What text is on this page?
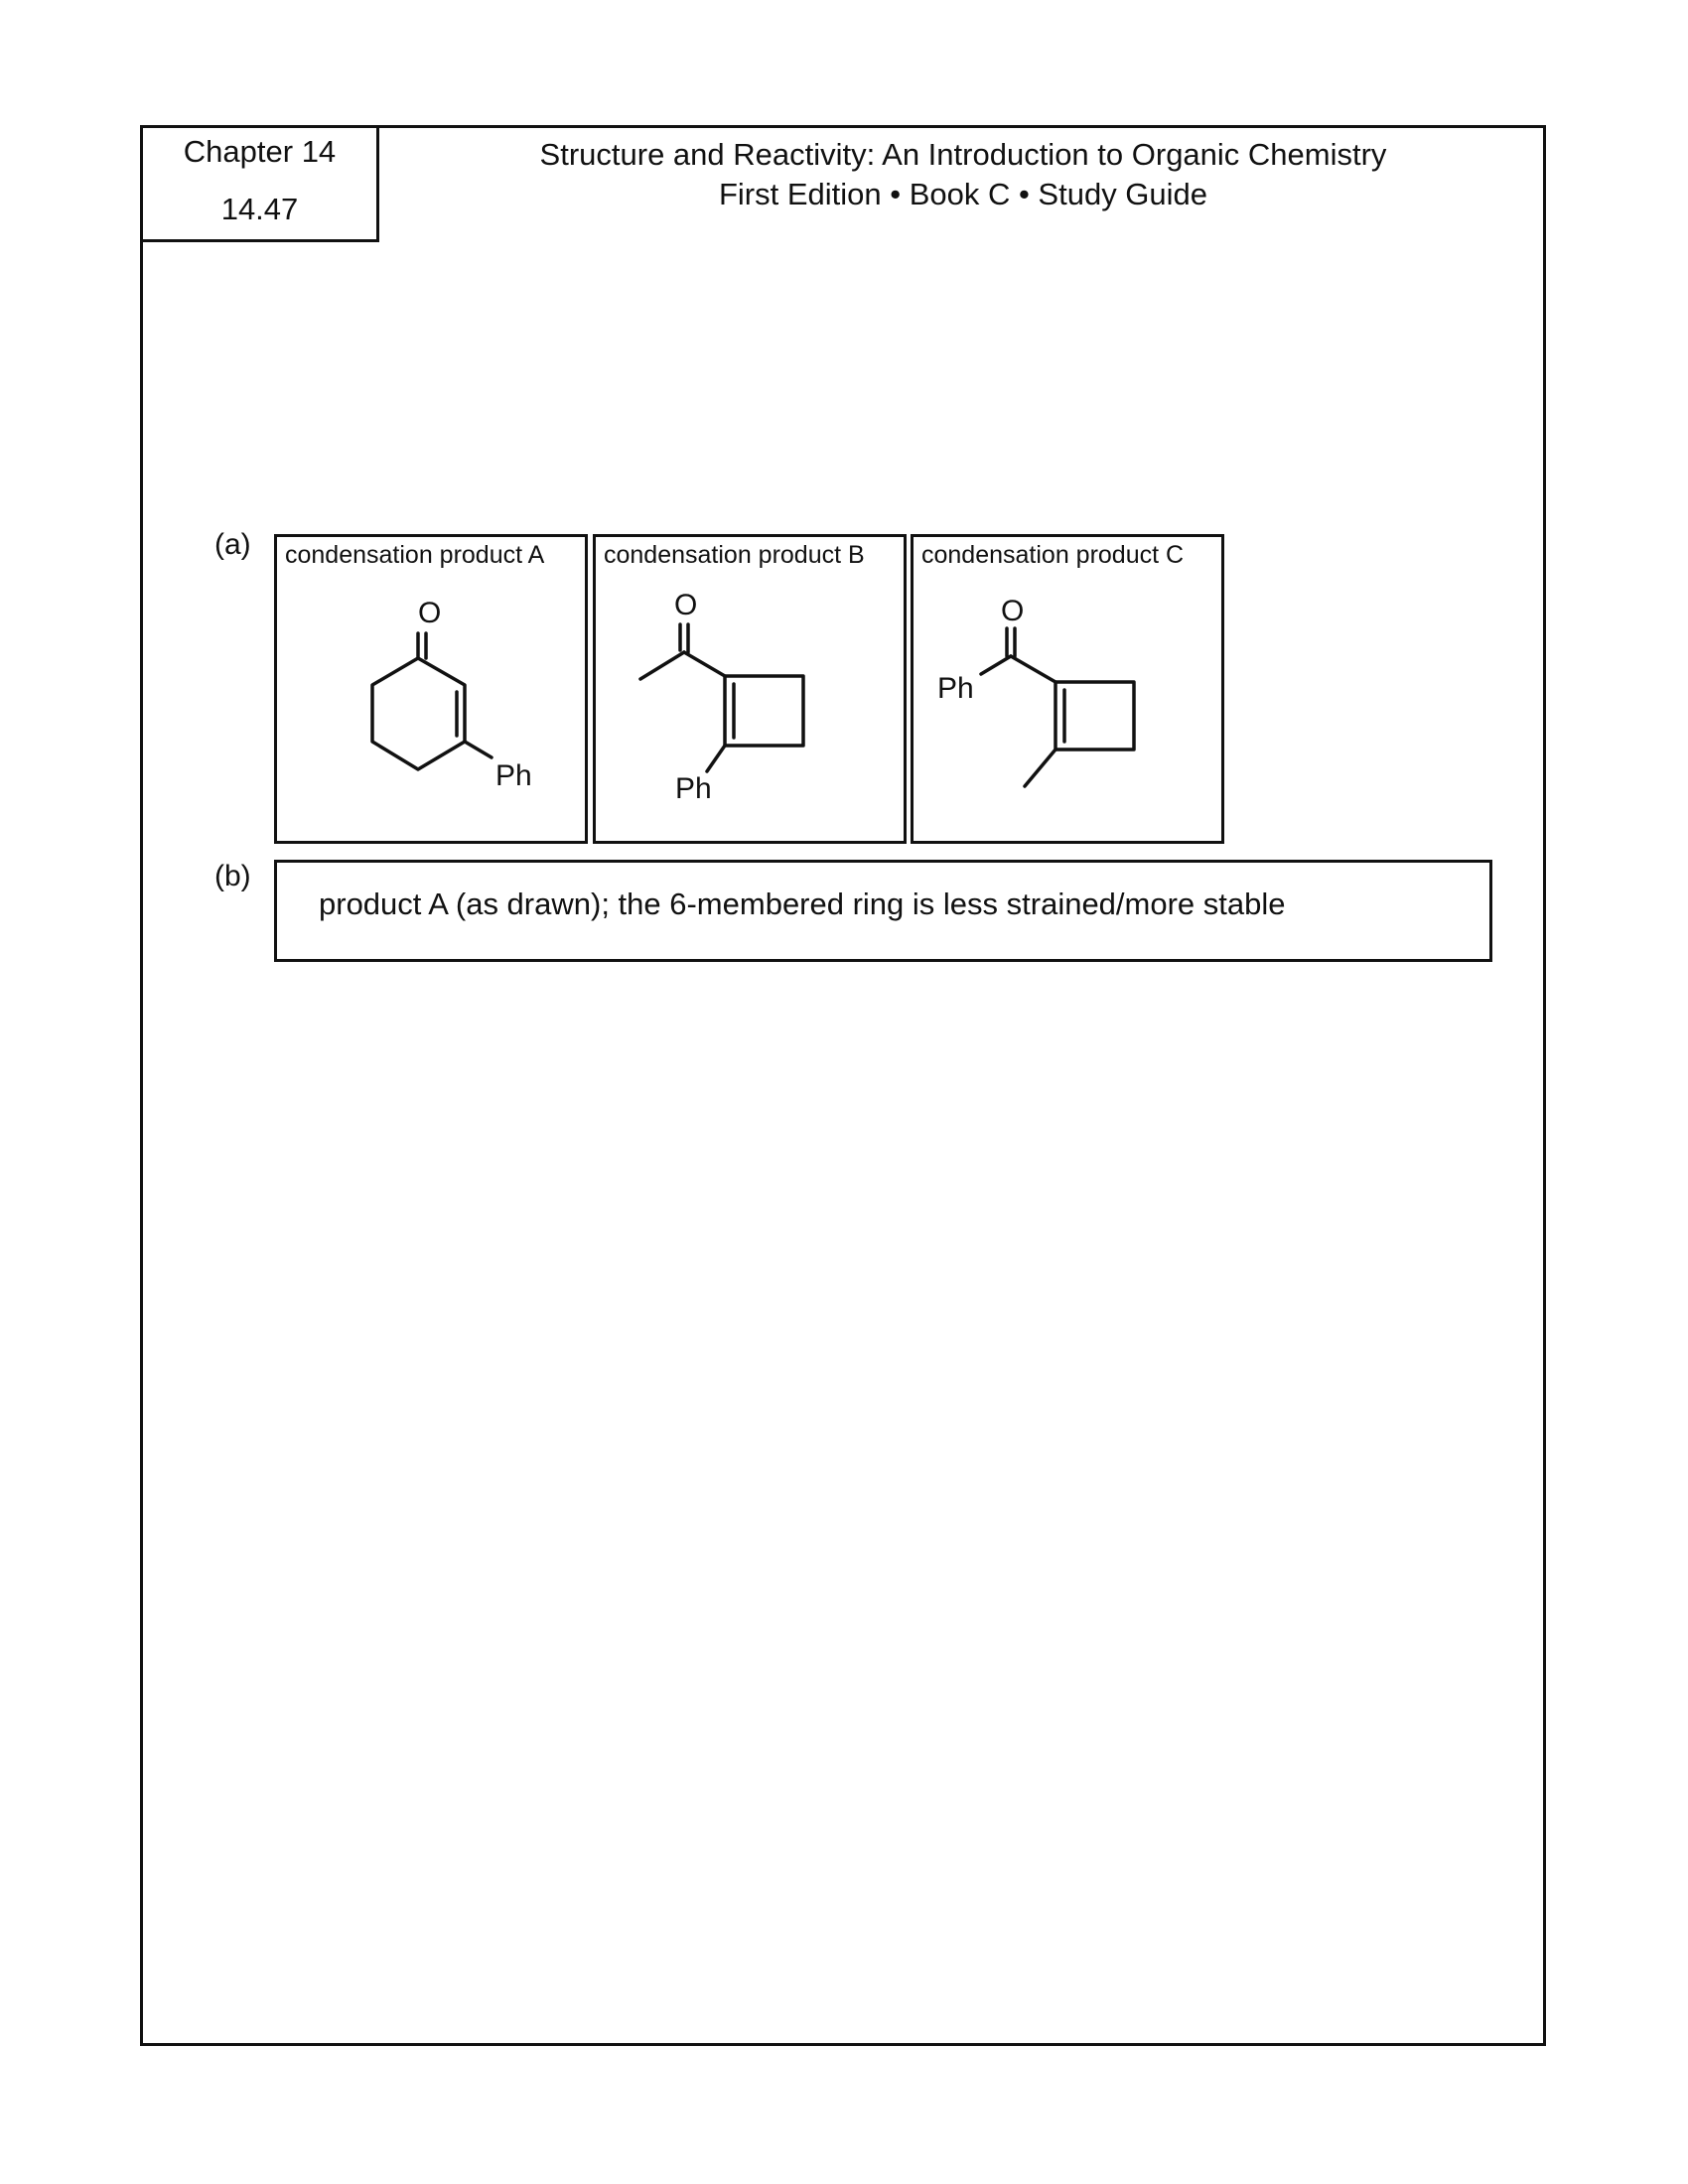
Chapter 14
14.47
Structure and Reactivity: An Introduction to Organic Chemistry
First Edition • Book C • Study Guide
(a) condensation product A
O
Ph
condensation product B
O
Ph
condensation product C
O
Ph
(b)
product A (as drawn); the 6-membered ring is less strained/more stable
